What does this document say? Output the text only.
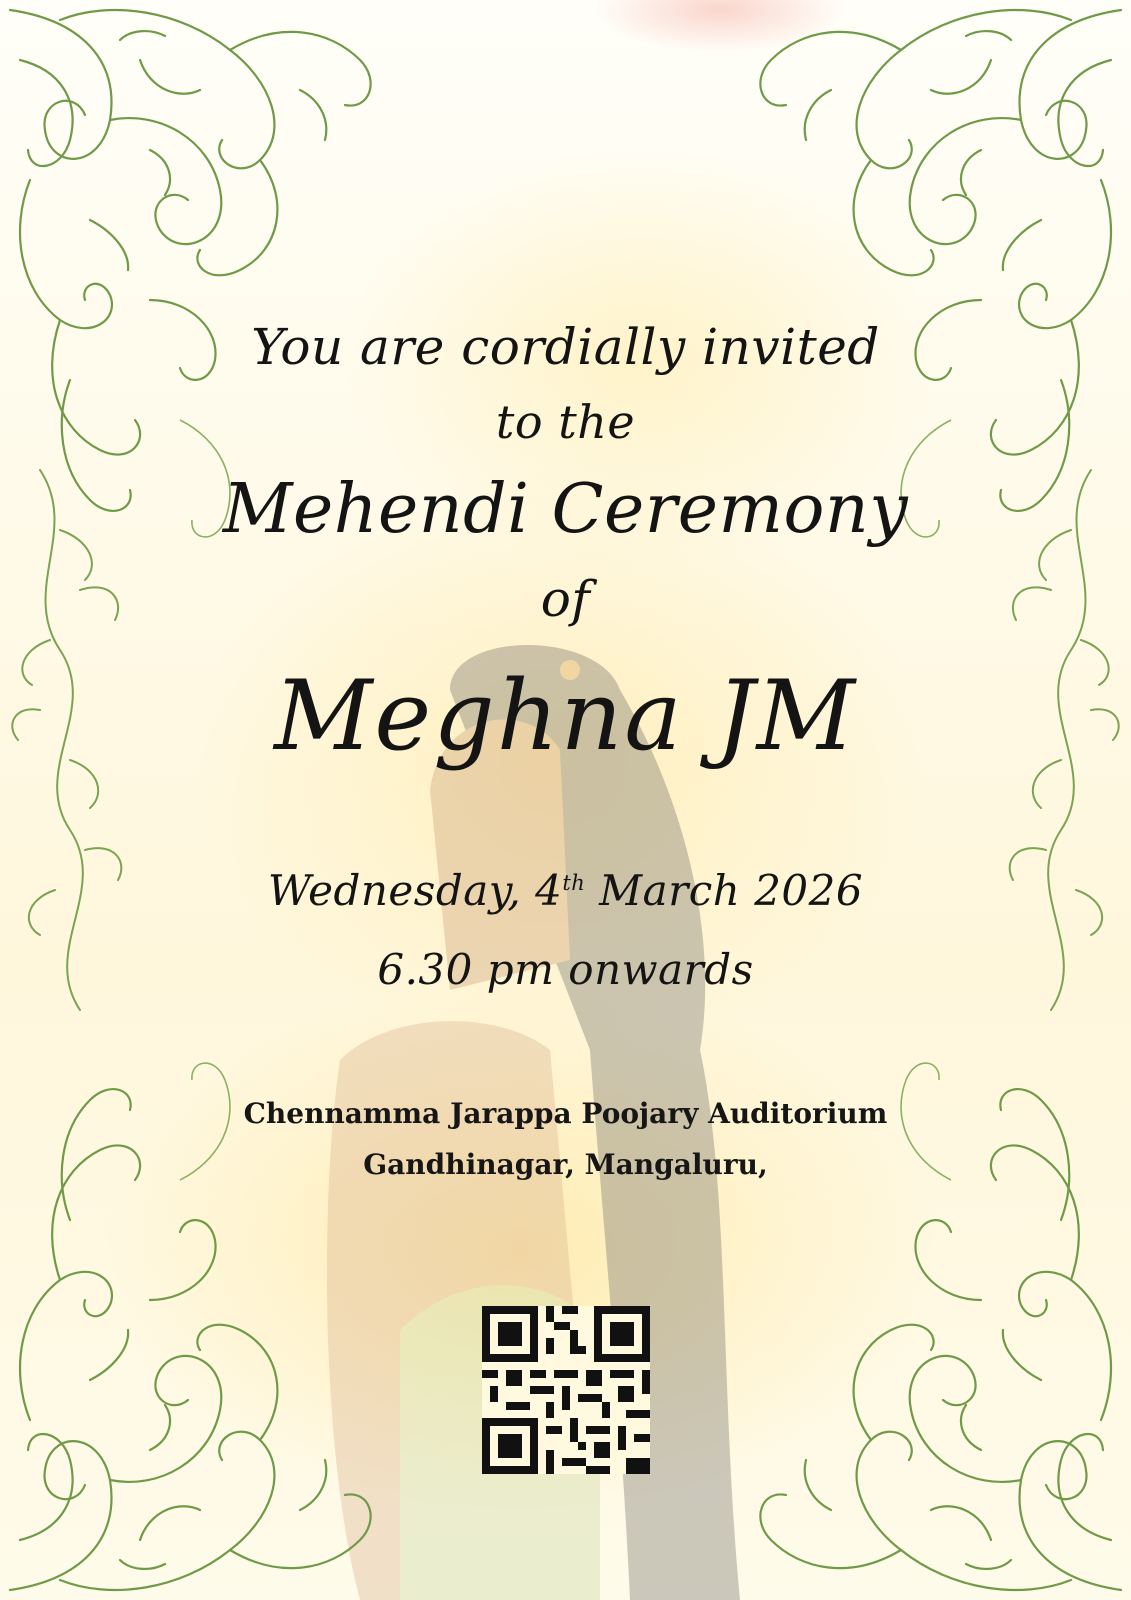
You are cordially invited
to the
Mehendi Ceremony
of
Meghna JM
Wednesday, 4th March 2026
6.30 pm onwards
Chennamma Jarappa Poojary Auditorium
Gandhinagar, Mangaluru,
